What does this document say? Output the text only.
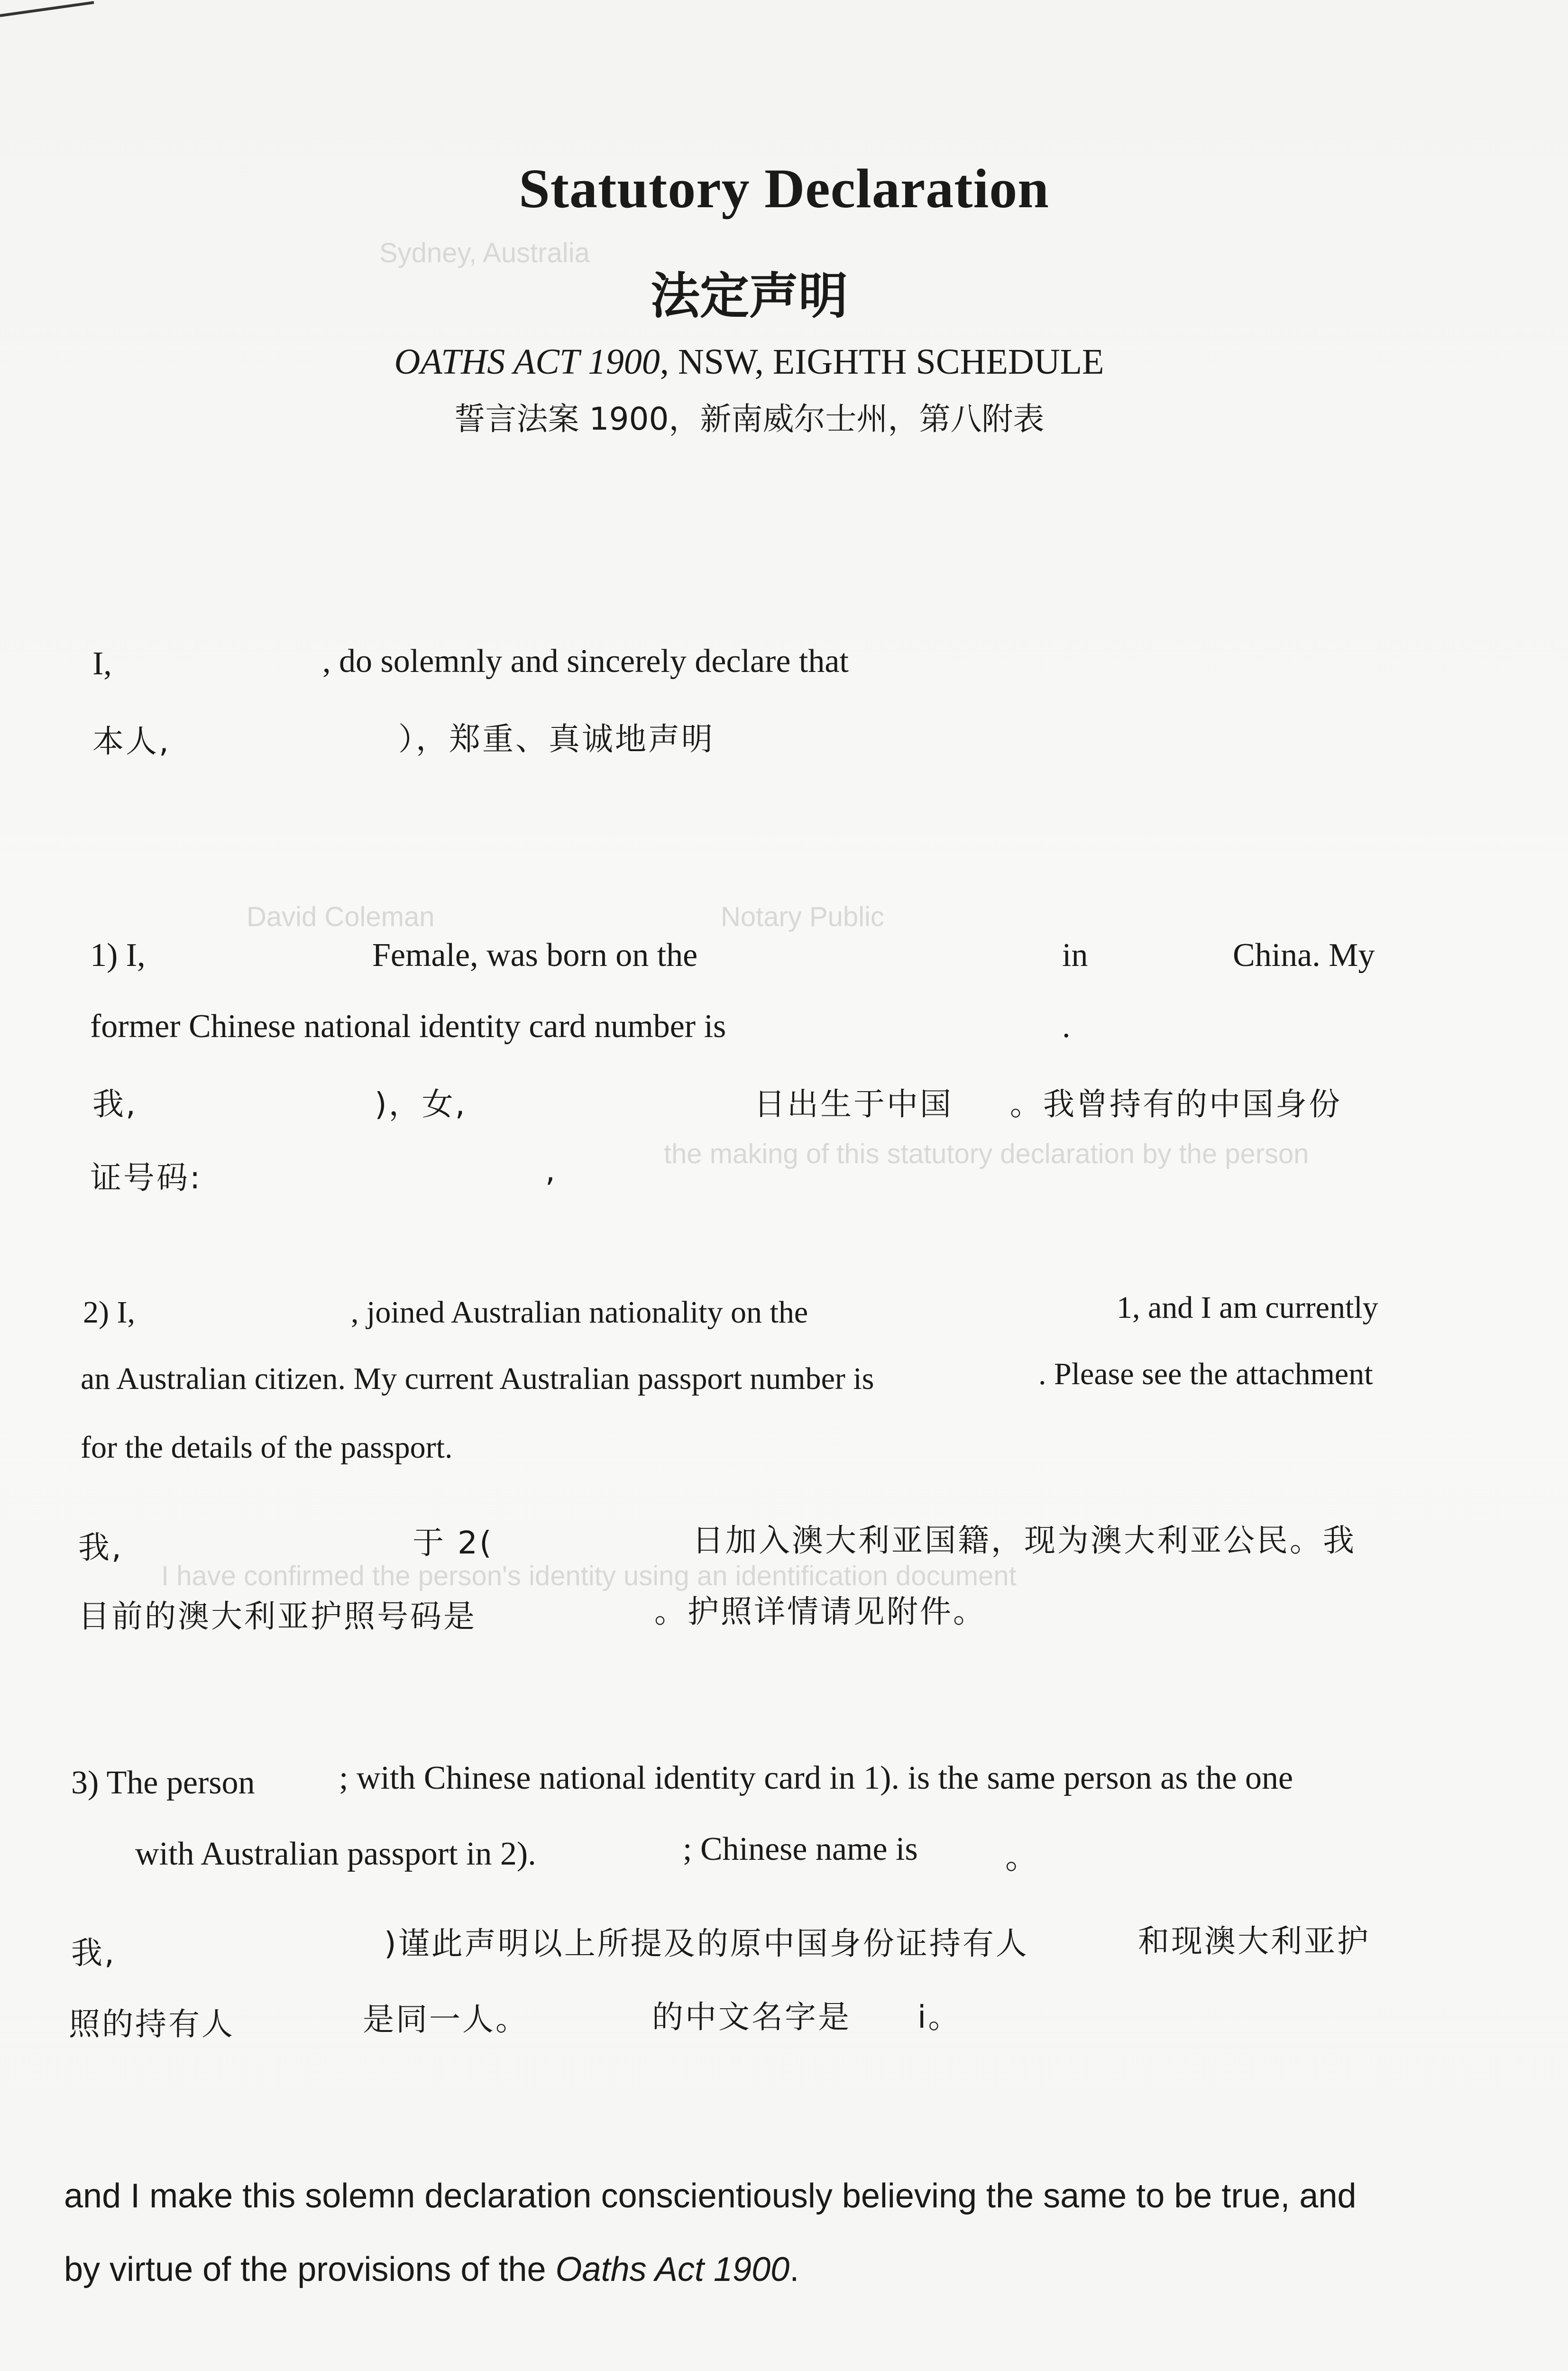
Sydney, Australia
David Coleman	Notary Public
the making of this statutory declaration by the person
I have confirmed the person's identity using an identification document
Statutory Declaration
法定声明
OATHS ACT 1900, NSW, EIGHTH SCHEDULE
誓言法案 1900，新南威尔士州，第八附表
I,	, do solemnly and sincerely declare that
本人,	），郑重、真诚地声明
1) I,	Female, was born on the	in	China. My
former Chinese national identity card number is	.
我,	)，女,	日出生于中国 。我曾持有的中国身份
证号码:	,
2) I,	, joined Australian nationality on the	1, and I am currently
an Australian citizen. My current Australian passport number is	. Please see the attachment
for the details of the passport.
我,	于 2(	日加入澳大利亚国籍，现为澳大利亚公民。我
目前的澳大利亚护照号码是	。护照详情请见附件。
3) The person	; with Chinese national identity card in 1). is the same person as the one
with Australian passport in 2).	; Chinese name is	。
我,	)谨此声明以上所提及的原中国身份证持有人	和现澳大利亚护
照的持有人	是同一人。	的中文名字是 i。
and I make this solemn declaration conscientiously believing the same to be true, and
by virtue of the provisions of the Oaths Act 1900.
